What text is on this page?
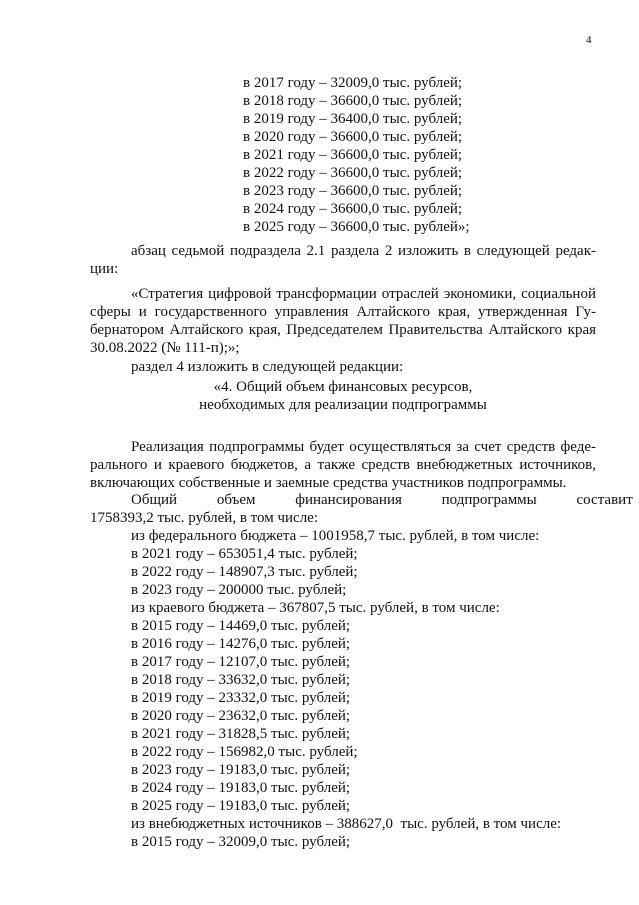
4
в 2017 году – 32009,0 тыс. рублей;
в 2018 году – 36600,0 тыс. рублей;
в 2019 году – 36400,0 тыс. рублей;
в 2020 году – 36600,0 тыс. рублей;
в 2021 году – 36600,0 тыс. рублей;
в 2022 году – 36600,0 тыс. рублей;
в 2023 году – 36600,0 тыс. рублей;
в 2024 году – 36600,0 тыс. рублей;
в 2025 году – 36600,0 тыс. рублей»;
абзац седьмой подраздела 2.1 раздела 2 изложить в следующей редак-
ции:
«Стратегия цифровой трансформации отраслей экономики, социальной
сферы и государственного управления Алтайского края, утвержденная Гу-
бернатором Алтайского края, Председателем Правительства Алтайского края
30.08.2022 (№ 111-п);»;
раздел 4 изложить в следующей редакции:
«4. Общий объем финансовых ресурсов,
необходимых для реализации подпрограммы
Реализация подпрограммы будет осуществляться за счет средств феде-
рального и краевого бюджетов, а также средств внебюджетных источников,
включающих собственные и заемные средства участников подпрограммы.
Общий объем финансирования подпрограммы составит
1758393,2 тыс. рублей, в том числе:
из федерального бюджета – 1001958,7 тыс. рублей, в том числе:
в 2021 году – 653051,4 тыс. рублей;
в 2022 году – 148907,3 тыс. рублей;
в 2023 году – 200000 тыс. рублей;
из краевого бюджета – 367807,5 тыс. рублей, в том числе:
в 2015 году – 14469,0 тыс. рублей;
в 2016 году – 14276,0 тыс. рублей;
в 2017 году – 12107,0 тыс. рублей;
в 2018 году – 33632,0 тыс. рублей;
в 2019 году – 23332,0 тыс. рублей;
в 2020 году – 23632,0 тыс. рублей;
в 2021 году – 31828,5 тыс. рублей;
в 2022 году – 156982,0 тыс. рублей;
в 2023 году – 19183,0 тыс. рублей;
в 2024 году – 19183,0 тыс. рублей;
в 2025 году – 19183,0 тыс. рублей;
из внебюджетных источников – 388627,0  тыс. рублей, в том числе:
в 2015 году – 32009,0 тыс. рублей;
